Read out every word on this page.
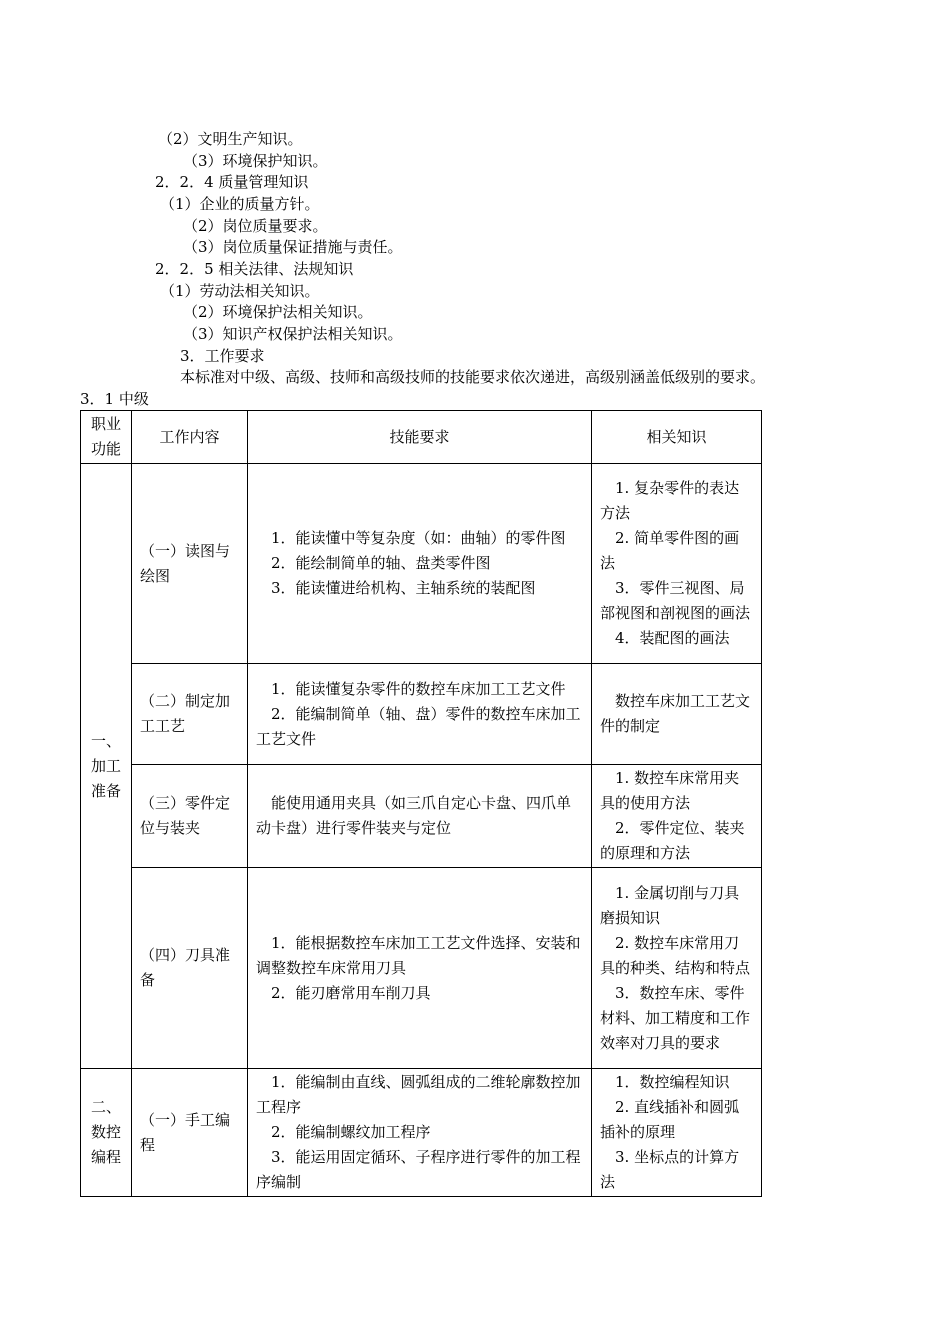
（2）文明生产知识。
（3）环境保护知识。
2．2．4 质量管理知识
（1）企业的质量方针。
（2）岗位质量要求。
（3）岗位质量保证措施与责任。
2．2．5 相关法律、法规知识
（1）劳动法相关知识。
（2）环境保护法相关知识。
（3）知识产权保护法相关知识。
3．工作要求
本标准对中级、高级、技师和高级技师的技能要求依次递进，高级别涵盖低级别的要求。
3．1 中级
职业功能	工作内容	技能要求	相关知识

一、加工准备	（一）读图与绘图	1．能读懂中等复杂度（如：曲轴）的零件图
2．能绘制简单的轴、盘类零件图
3．能读懂进给机构、主轴系统的装配图	1. 复杂零件的表达方法
2. 简单零件图的画法
3．零件三视图、局部视图和剖视图的画法
4．装配图的画法

	（二）制定加工工艺	1．能读懂复杂零件的数控车床加工工艺文件
2．能编制简单（轴、盘）零件的数控车床加工工艺文件	数控车床加工工艺文件的制定

	（三）零件定位与装夹	能使用通用夹具（如三爪自定心卡盘、四爪单动卡盘）进行零件装夹与定位	1. 数控车床常用夹具的使用方法
2．零件定位、装夹的原理和方法

	（四）刀具准备	1．能根据数控车床加工工艺文件选择、安装和调整数控车床常用刀具
2．能刃磨常用车削刀具	1. 金属切削与刀具磨损知识
2. 数控车床常用刀具的种类、结构和特点
3．数控车床、零件材料、加工精度和工作效率对刀具的要求

二、数控编程	（一）手工编程	1．能编制由直线、圆弧组成的二维轮廓数控加工程序
2．能编制螺纹加工程序
3．能运用固定循环、子程序进行零件的加工程序编制	1．数控编程知识
2. 直线插补和圆弧插补的原理
3. 坐标点的计算方法
